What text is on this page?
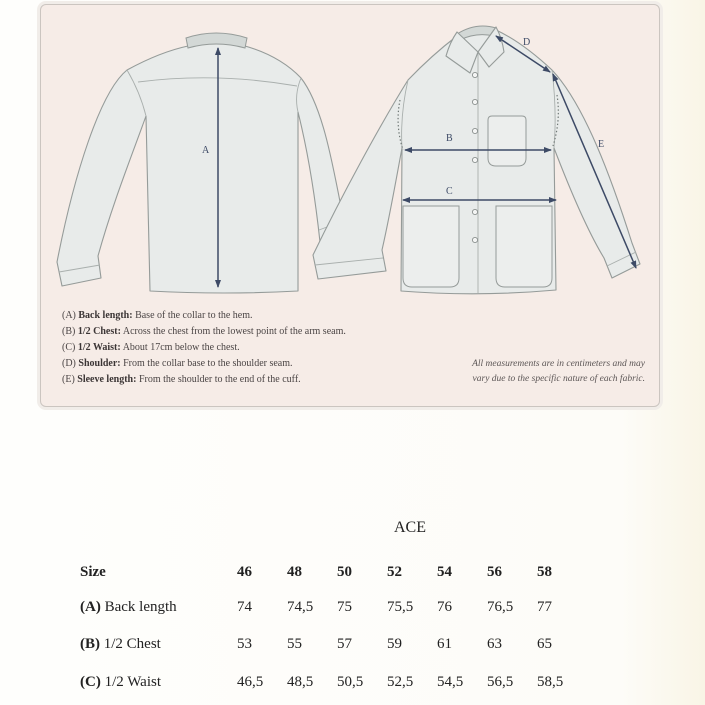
A
B
C
D
E
(A) Back length: Base of the collar to the hem.
(B) 1/2 Chest: Across the chest from the lowest point of the arm seam.
(C) 1/2 Waist: About 17cm below the chest.
(D) Shoulder: From the collar base to the shoulder seam.
(E) Sleeve length: From the shoulder to the end of the cuff.
All measurements are in centimeters and may
vary due to the specific nature of each fabric.
ACE
Size	46 48 50 52 54 56 58
(A) Back length	74 74,5 75 75,5 76 76,5 77
(B) 1/2 Chest	53 55 57 59 61 63 65
(C) 1/2 Waist	46,5 48,5 50,5 52,5 54,5 56,5 58,5
